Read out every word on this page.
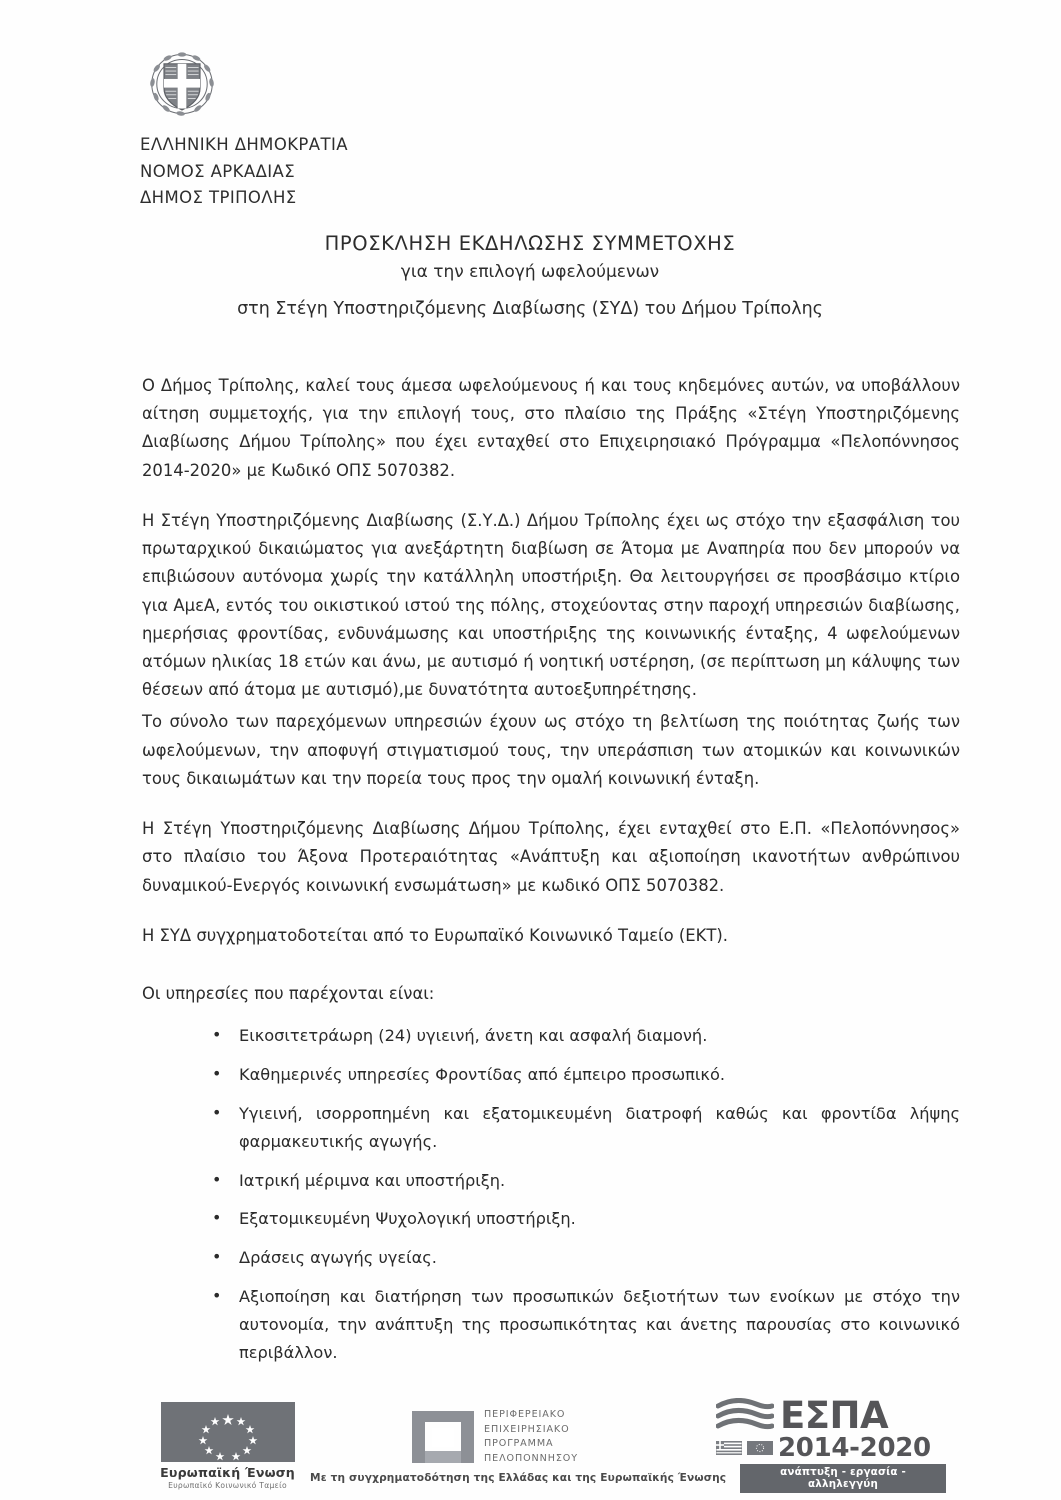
ΕΛΛΗΝΙΚΗ ΔΗΜΟΚΡΑΤΙΑ
ΝΟΜΟΣ ΑΡΚΑΔΙΑΣ
ΔΗΜΟΣ ΤΡΙΠΟΛΗΣ
ΠΡΟΣΚΛΗΣΗ ΕΚΔΗΛΩΣΗΣ ΣΥΜΜΕΤΟΧΗΣ
για την επιλογή ωφελούμενων
στη Στέγη Υποστηριζόμενης Διαβίωσης (ΣΥΔ) του Δήμου Τρίπολης

Ο Δήμος Τρίπολης, καλεί τους άμεσα ωφελούμενους ή και τους κηδεμόνες αυτών, να υποβάλλουν αίτηση συμμετοχής, για την επιλογή τους, στο πλαίσιο της Πράξης «Στέγη Υποστηριζόμενης Διαβίωσης Δήμου Τρίπολης» που έχει ενταχθεί στο Επιχειρησιακό Πρόγραμμα «Πελοπόννησος 2014-2020» με Κωδικό ΟΠΣ 5070382.

Η Στέγη Υποστηριζόμενης Διαβίωσης (Σ.Υ.Δ.) Δήμου Τρίπολης έχει ως στόχο την εξασφάλιση του πρωταρχικού δικαιώματος για ανεξάρτητη διαβίωση σε Άτομα με Αναπηρία που δεν μπορούν να επιβιώσουν αυτόνομα χωρίς την κατάλληλη υποστήριξη. Θα λειτουργήσει σε προσβάσιμο κτίριο για ΑμεΑ, εντός του οικιστικού ιστού της πόλης, στοχεύοντας στην παροχή υπηρεσιών διαβίωσης, ημερήσιας φροντίδας, ενδυνάμωσης και υποστήριξης της κοινωνικής ένταξης, 4 ωφελούμενων ατόμων ηλικίας 18 ετών και άνω, με αυτισμό ή νοητική υστέρηση, (σε περίπτωση μη κάλυψης των θέσεων από άτομα με αυτισμό),με δυνατότητα αυτοεξυπηρέτησης.

Το σύνολο των παρεχόμενων υπηρεσιών έχουν ως στόχο τη βελτίωση της ποιότητας ζωής των ωφελούμενων, την αποφυγή στιγματισμού τους, την υπεράσπιση των ατομικών και κοινωνικών τους δικαιωμάτων και την πορεία τους προς την ομαλή κοινωνική ένταξη.

Η Στέγη Υποστηριζόμενης Διαβίωσης Δήμου Τρίπολης, έχει ενταχθεί στο Ε.Π. «Πελοπόννησος» στο πλαίσιο του Άξονα Προτεραιότητας «Ανάπτυξη και αξιοποίηση ικανοτήτων ανθρώπινου δυναμικού-Ενεργός κοινωνική ενσωμάτωση» με κωδικό ΟΠΣ 5070382.

Η ΣΥΔ συγχρηματοδοτείται από το Ευρωπαϊκό Κοινωνικό Ταμείο (ΕΚΤ).

Οι υπηρεσίες που παρέχονται είναι:

• Εικοσιτετράωρη (24) υγιεινή, άνετη και ασφαλή διαμονή.
• Καθημερινές υπηρεσίες Φροντίδας από έμπειρο προσωπικό.
• Υγιεινή, ισορροπημένη και εξατομικευμένη διατροφή καθώς και φροντίδα λήψης φαρμακευτικής αγωγής.
• Ιατρική μέριμνα και υποστήριξη.
• Εξατομικευμένη Ψυχολογική υποστήριξη.
• Δράσεις αγωγής υγείας.
• Αξιοποίηση και διατήρηση των προσωπικών δεξιοτήτων των ενοίκων με στόχο την αυτονομία, την ανάπτυξη της προσωπικότητας και άνετης παρουσίας στο κοινωνικό περιβάλλον.
Ευρωπαϊκή Ένωση
Ευρωπαϊκό Κοινωνικό Ταμείο
ΠΕΡΙΦΕΡΕΙΑΚΟ
ΕΠΙΧΕΙΡΗΣΙΑΚΟ
ΠΡΟΓΡΑΜΜΑ
ΠΕΛΟΠΟΝΝΗΣΟΥ
ΕΣΠΑ
2014-2020
ανάπτυξη - εργασία - αλληλεγγύη
Με τη συγχρηματοδότηση της Ελλάδας και της Ευρωπαϊκής Ένωσης
